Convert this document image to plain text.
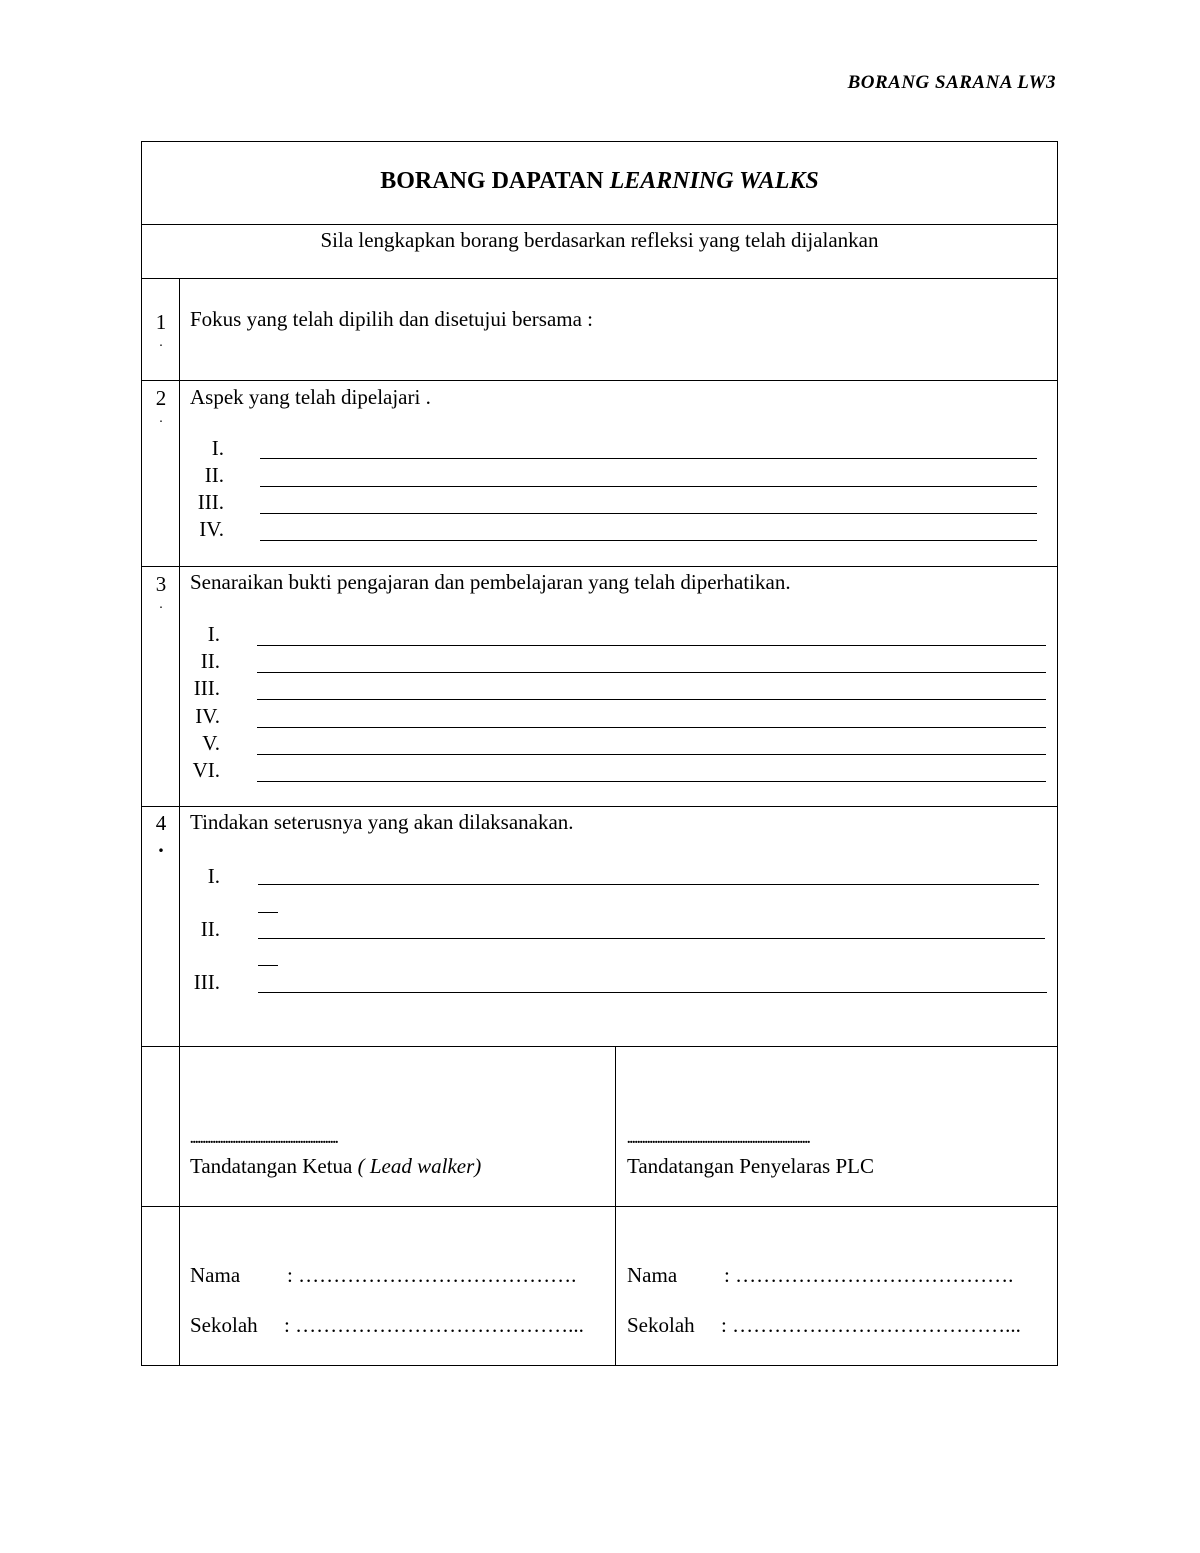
BORANG SARANA LW3
BORANG DAPATAN LEARNING WALKS
Sila lengkapkan borang berdasarkan refleksi yang telah dijalankan
1
.
Fokus yang telah dipilih dan disetujui bersama :
2
.
Aspek yang telah dipelajari .
I.
II.
III.
IV.
3
.
Senaraikan bukti pengajaran dan pembelajaran yang telah diperhatikan.
I.
II.
III.
IV.
V.
VI.
4
.
Tindakan seterusnya yang akan dilaksanakan.
I.
II.
III.
...........................................................
Tandatangan Ketua ( Lead walker)
.........................................................................
Tandatangan Penyelaras PLC
Nama : ………………………………….
Sekolah : …………………………………...
Nama : ………………………………….
Sekolah : …………………………………...
